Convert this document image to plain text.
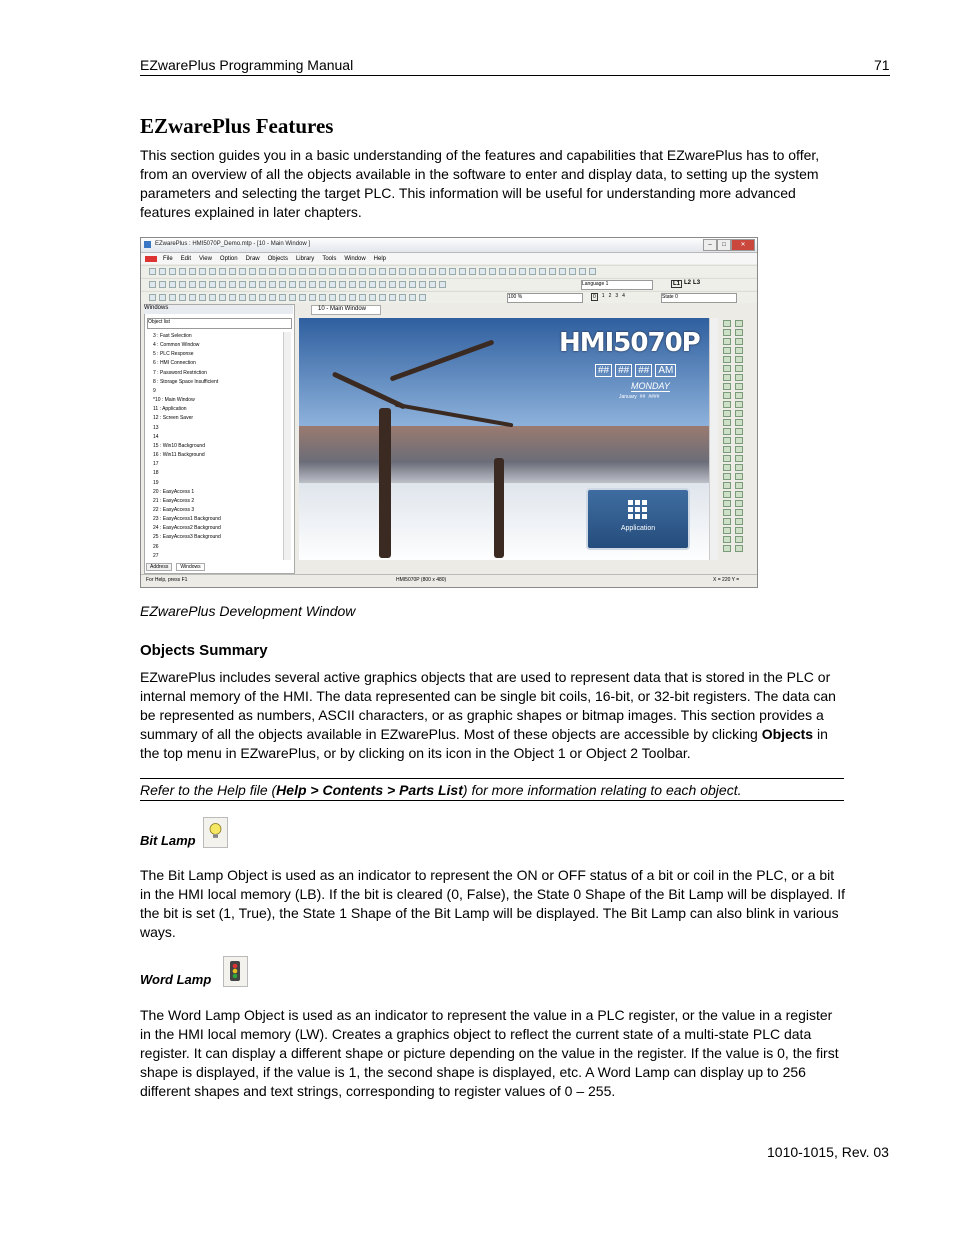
EZwarePlus Programming Manual	71
EZwarePlus Features

This section guides you in a basic understanding of the features and capabilities that EZwarePlus has to offer, from an overview of all the objects available in the software to enter and display data, to setting up the system parameters and selecting the target PLC. This information will be useful for understanding more advanced features explained in later chapters.

EZwarePlus : HMI5070P_Demo.mtp - [10 - Main Window ]	–	□	✕
File Edit View Option Draw Objects Library Tools Window Help
Language 1	L1 L2 L3
100 %	0	1 2 3 4	State 0
Windows
Object list
3 : Fast Selection
4 : Common Window
5 : PLC Response
6 : HMI Connection
7 : Password Restriction
8 : Storage Space Insufficient
9
*10 : Main Window
11 : Application
12 : Screen Saver
13
14
15 : Win10 Background
16 : Win11 Background
17
18
19
20 : EasyAccess 1
21 : EasyAccess 2
22 : EasyAccess 3
23 : EasyAccess1 Background
24 : EasyAccess2 Background
25 : EasyAccess3 Background
26
27
Address	Windows
10 - Main Window
HMI5070P
## ## ## AM
MONDAY
January ## ####
Application
For Help, press F1	HMI5070P (800 x 480)	X = 220 Y =
EZwarePlus Development Window
Objects Summary

EZwarePlus includes several active graphics objects that are used to represent data that is stored in the PLC or internal memory of the HMI. The data represented can be single bit coils, 16-bit, or 32-bit registers. The data can be represented as numbers, ASCII characters, or as graphic shapes or bitmap images. This section provides a summary of all the objects available in EZwarePlus. Most of these objects are accessible by clicking Objects in the top menu in EZwarePlus, or by clicking on its icon in the Object 1 or Object 2 Toolbar.

Refer to the Help file (Help > Contents > Parts List) for more information relating to each object.
Bit Lamp

The Bit Lamp Object is used as an indicator to represent the ON or OFF status of a bit or coil in the PLC, or a bit in the HMI local memory (LB). If the bit is cleared (0, False), the State 0 Shape of the Bit Lamp will be displayed. If the bit is set (1, True), the State 1 Shape of the Bit Lamp will be displayed. The Bit Lamp can also blink in various ways.

Word Lamp

The Word Lamp Object is used as an indicator to represent the value in a PLC register, or the value in a register in the HMI local memory (LW). Creates a graphics object to reflect the current state of a multi-state PLC data register. It can display a different shape or picture depending on the value in the register. If the value is 0, the first shape is displayed, if the value is 1, the second shape is displayed, etc. A Word Lamp can display up to 256 different shapes and text strings, corresponding to register values of 0 – 255.

1010-1015, Rev. 03
